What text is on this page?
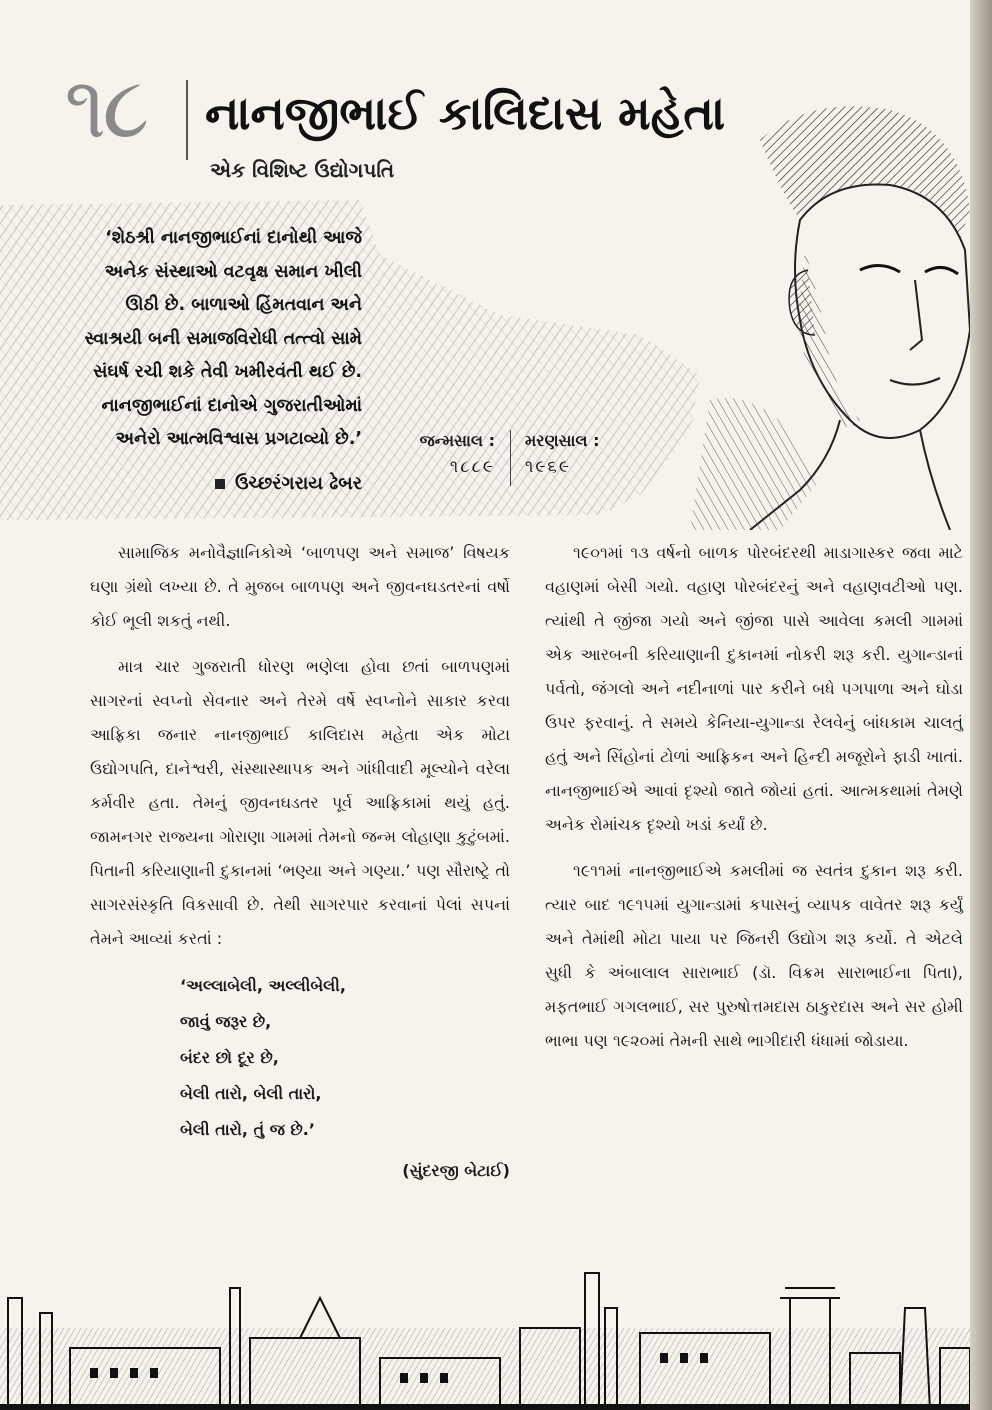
૧૮	નાનજીભાઈ કાલિદાસ મહેતા
એક વિશિષ્ટ ઉદ્યોગપતિ
‘શેઠશ્રી નાનજીભાઈનાં દાનોથી આજે
અનેક સંસ્થાઓ વટવૃક્ષ સમાન ખીલી
ઊઠી છે. બાળાઓ હિંમતવાન અને
સ્વાશ્રયી બની સમાજવિરોધી તત્ત્વો સામે
સંઘર્ષ રચી શકે તેવી ખમીરવંતી થઈ છે.
નાનજીભાઈનાં દાનોએ ગુજરાતીઓમાં
અનેરો આત્મવિશ્વાસ પ્રગટાવ્યો છે.’
ઉચ્છરંગરાય ઢેબર
જન્મસાલ :
૧૮૮૯
મરણસાલ :
૧૯૬૯

સામાજિક મનોવૈજ્ઞાનિકોએ ‘બાળપણ અને સમાજ’ વિષયક ઘણા ગ્રંથો લખ્યા છે. તે મુજબ બાળપણ અને જીવનઘડતરનાં વર્ષો કોઈ ભૂલી શકતું નથી.

માત્ર ચાર ગુજરાતી ધોરણ ભણેલા હોવા છતાં બાળપણમાં સાગરનાં સ્વપ્નો સેવનાર અને તેરમે વર્ષે સ્વપ્નોને સાકાર કરવા આફ્રિકા જનાર નાનજીભાઈ કાલિદાસ મહેતા એક મોટા ઉદ્યોગપતિ, દાનેશ્વરી, સંસ્થાસ્થાપક અને ગાંધીવાદી મૂલ્યોને વરેલા કર્મવીર હતા. તેમનું જીવનઘડતર પૂર્વ આફ્રિકામાં થયું હતું. જામનગર રાજ્યના ગોરાણા ગામમાં તેમનો જન્મ લોહાણા કુટુંબમાં. પિતાની કરિયાણાની દુકાનમાં ‘ભણ્યા અને ગણ્યા.’ પણ સૌરાષ્ટ્રે તો સાગરસંસ્કૃતિ વિકસાવી છે. તેથી સાગરપાર કરવાનાં પેલાં સપનાં તેમને આવ્યાં કરતાં :

‘અલ્લાબેલી, અલ્લીબેલી,
જાવું જરૂર છે,
બંદર છો દૂર છે,
બેલી તારો, બેલી તારો,
બેલી તારો, તું જ છે.’
(સુંદરજી બેટાઈ)

૧૯૦૧માં ૧૩ વર્ષનો બાળક પોરબંદરથી માડાગાસ્કર જવા માટે વહાણમાં બેસી ગયો. વહાણ પોરબંદરનું અને વહાણવટીઓ પણ. ત્યાંથી તે જીંજા ગયો અને જીંજા પાસે આવેલા કમલી ગામમાં એક આરબની કરિયાણાની દુકાનમાં નોકરી શરૂ કરી. યુગાન્ડાનાં પર્વતો, જંગલો અને નદીનાળાં પાર કરીને બધે પગપાળા અને ઘોડા ઉપર ફરવાનું. તે સમયે કેનિયા-યુગાન્ડા રેલવેનું બાંધકામ ચાલતું હતું અને સિંહોનાં ટોળાં આફ્રિકન અને હિન્દી મજૂરોને ફાડી ખાતાં. નાનજીભાઈએ આવાં દૃશ્યો જાતે જોયાં હતાં. આત્મકથામાં તેમણે અનેક રોમાંચક દૃશ્યો ખડાં કર્યાં છે.

૧૯૧૧માં નાનજીભાઈએ કમલીમાં જ સ્વતંત્ર દુકાન શરૂ કરી. ત્યાર બાદ ૧૯૧૫માં યુગાન્ડામાં કપાસનું વ્યાપક વાવેતર શરૂ કર્યું અને તેમાંથી મોટા પાયા પર જિનરી ઉદ્યોગ શરૂ કર્યો. તે એટલે સુધી કે અંબાલાલ સારાભાઈ (ડૉ. વિક્રમ સારાભાઈના પિતા), મફતભાઈ ગગલભાઈ, સર પુરુષોત્તમદાસ ઠાકુરદાસ અને સર હોમી ભાભા પણ ૧૯૨૦માં તેમની સાથે ભાગીદારી ધંધામાં જોડાયા.
